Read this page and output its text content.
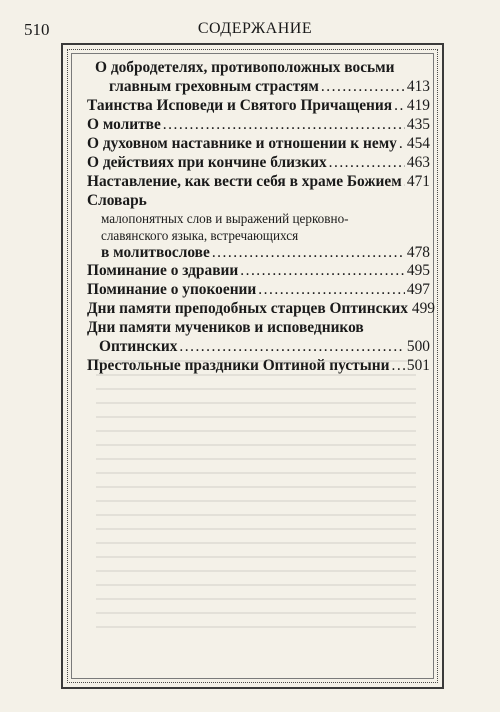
510	СОДЕРЖАНИЕ
О добродетелях, противоположных восьми
главным греховным страстям .....	413
Таинства Исповеди и Святого Причащения ..... 419
О молитве .....	435
О духовном наставнике и отношении к нему ..... 454
О действиях при кончине близких .....	463
Наставление, как вести себя в храме Божием ..... 471
Словарь
малопонятных слов и выражений церковно-
славянского языка, встречающихся
в молитвослове .....	478
Поминание о здравии .....	495
Поминание о упокоении .....	497
Дни памяти преподобных старцев Оптинских 499
Дни памяти мучеников и исповедников
Оптинских .....	500
Престольные праздники Оптиной пустыни ..... 501
